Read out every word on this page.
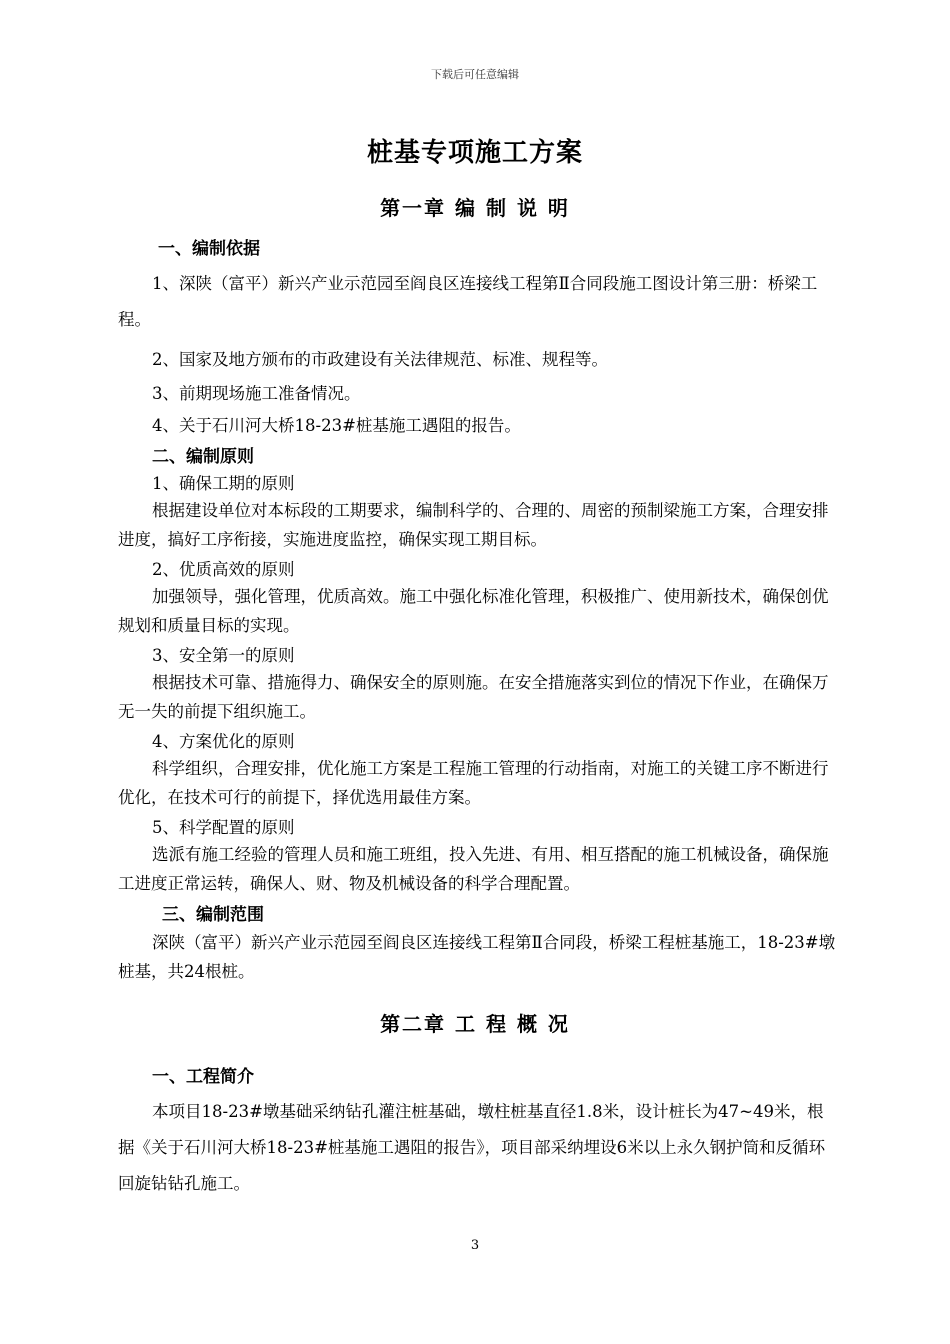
下载后可任意编辑
桩基专项施工方案
第一章 编 制 说 明
一、编制依据
1、深陕（富平）新兴产业示范园至阎良区连接线工程第Ⅱ合同段施工图设计第三册：桥梁工程。
2、国家及地方颁布的市政建设有关法律规范、标准、规程等。
3、前期现场施工准备情况。
4、关于石川河大桥18-23#桩基施工遇阻的报告。
二、编制原则
1、确保工期的原则
根据建设单位对本标段的工期要求，编制科学的、合理的、周密的预制梁施工方案，合理安排进度，搞好工序衔接，实施进度监控，确保实现工期目标。
2、优质高效的原则
加强领导，强化管理，优质高效。施工中强化标准化管理，积极推广、使用新技术，确保创优规划和质量目标的实现。
3、安全第一的原则
根据技术可靠、措施得力、确保安全的原则施。在安全措施落实到位的情况下作业，在确保万无一失的前提下组织施工。
4、方案优化的原则
科学组织，合理安排，优化施工方案是工程施工管理的行动指南，对施工的关键工序不断进行优化，在技术可行的前提下，择优选用最佳方案。
5、科学配置的原则
选派有施工经验的管理人员和施工班组，投入先进、有用、相互搭配的施工机械设备，确保施工进度正常运转，确保人、财、物及机械设备的科学合理配置。
三、编制范围
深陕（富平）新兴产业示范园至阎良区连接线工程第Ⅱ合同段，桥梁工程桩基施工，18-23#墩桩基，共24根桩。
第二章 工 程 概 况
一、工程简介
本项目18-23#墩基础采纳钻孔灌注桩基础，墩柱桩基直径1.8米，设计桩长为47~49米，根据《关于石川河大桥18-23#桩基施工遇阻的报告》，项目部采纳埋设6米以上永久钢护筒和反循环回旋钻钻孔施工。
3
